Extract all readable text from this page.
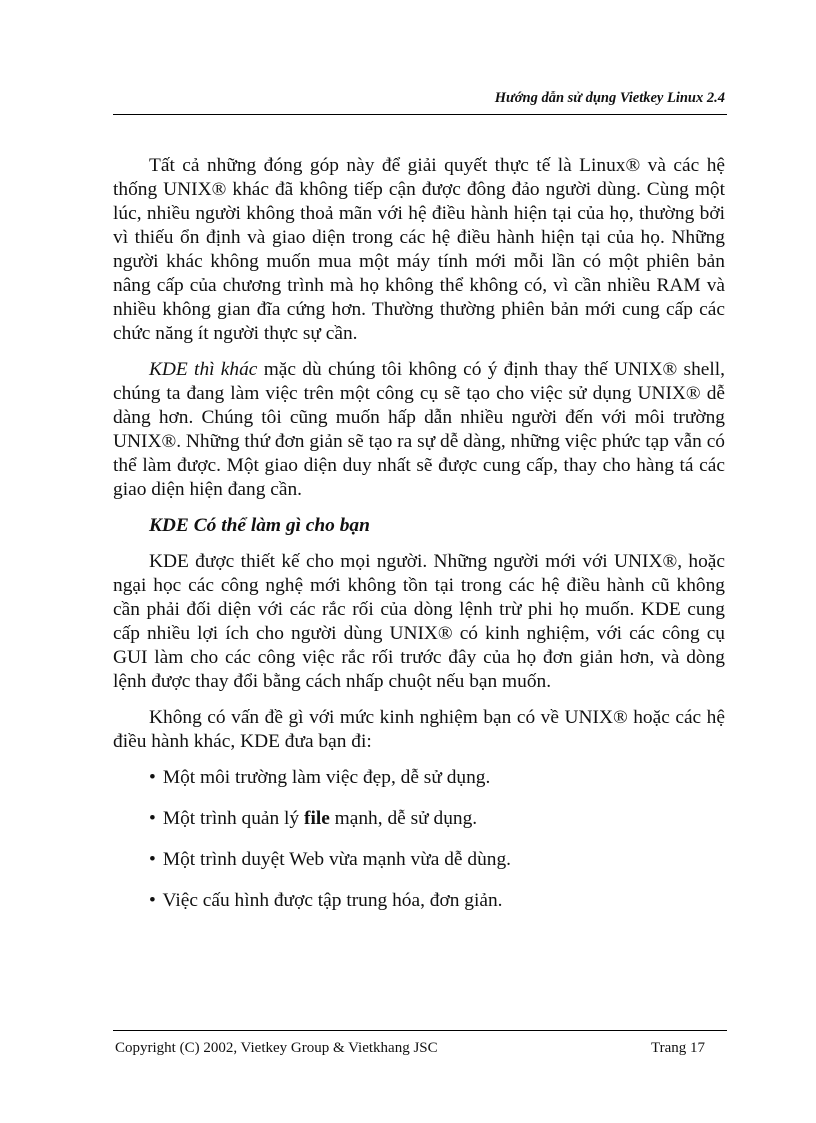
Hướng dẫn sử dụng Vietkey Linux 2.4

Tất cả những đóng góp này để giải quyết thực tế là Linux® và các hệ thống UNIX® khác đã không tiếp cận được đông đảo người dùng. Cùng một lúc, nhiều người không thoả mãn với hệ điều hành hiện tại của họ, thường bởi vì thiếu ổn định và giao diện trong các hệ điều hành hiện tại của họ. Những người khác không muốn mua một máy tính mới mỗi lần có một phiên bản nâng cấp của chương trình mà họ không thể không có, vì cần nhiều RAM và nhiều không gian đĩa cứng hơn. Thường thường phiên bản mới cung cấp các chức năng ít người thực sự cần.

KDE thì khác mặc dù chúng tôi không có ý định thay thế UNIX® shell, chúng ta đang làm việc trên một công cụ sẽ tạo cho việc sử dụng UNIX® dễ dàng hơn. Chúng tôi cũng muốn hấp dẫn nhiều người đến với môi trường UNIX®. Những thứ đơn giản sẽ tạo ra sự dễ dàng, những việc phức tạp vẫn có thể làm được. Một giao diện duy nhất sẽ được cung cấp, thay cho hàng tá các giao diện hiện đang cần.

KDE Có thể làm gì cho bạn

KDE được thiết kế cho mọi người. Những người mới với UNIX®, hoặc ngại học các công nghệ mới không tồn tại trong các hệ điều hành cũ không cần phải đối diện với các rắc rối của dòng lệnh trừ phi họ muốn. KDE cung cấp nhiều lợi ích cho người dùng UNIX® có kinh nghiệm, với các công cụ GUI làm cho các công việc rắc rối trước đây của họ đơn giản hơn, và dòng lệnh được thay đổi bằng cách nhấp chuột nếu bạn muốn.

Không có vấn đề gì với mức kinh nghiệm bạn có về UNIX® hoặc các hệ điều hành khác, KDE đưa bạn đi:

• Một môi trường làm việc đẹp, dễ sử dụng.
• Một trình quản lý file mạnh, dễ sử dụng.
• Một trình duyệt Web vừa mạnh vừa dễ dùng.
• Việc cấu hình được tập trung hóa, đơn giản.
Copyright (C) 2002, Vietkey Group & Vietkhang JSC	Trang 17
